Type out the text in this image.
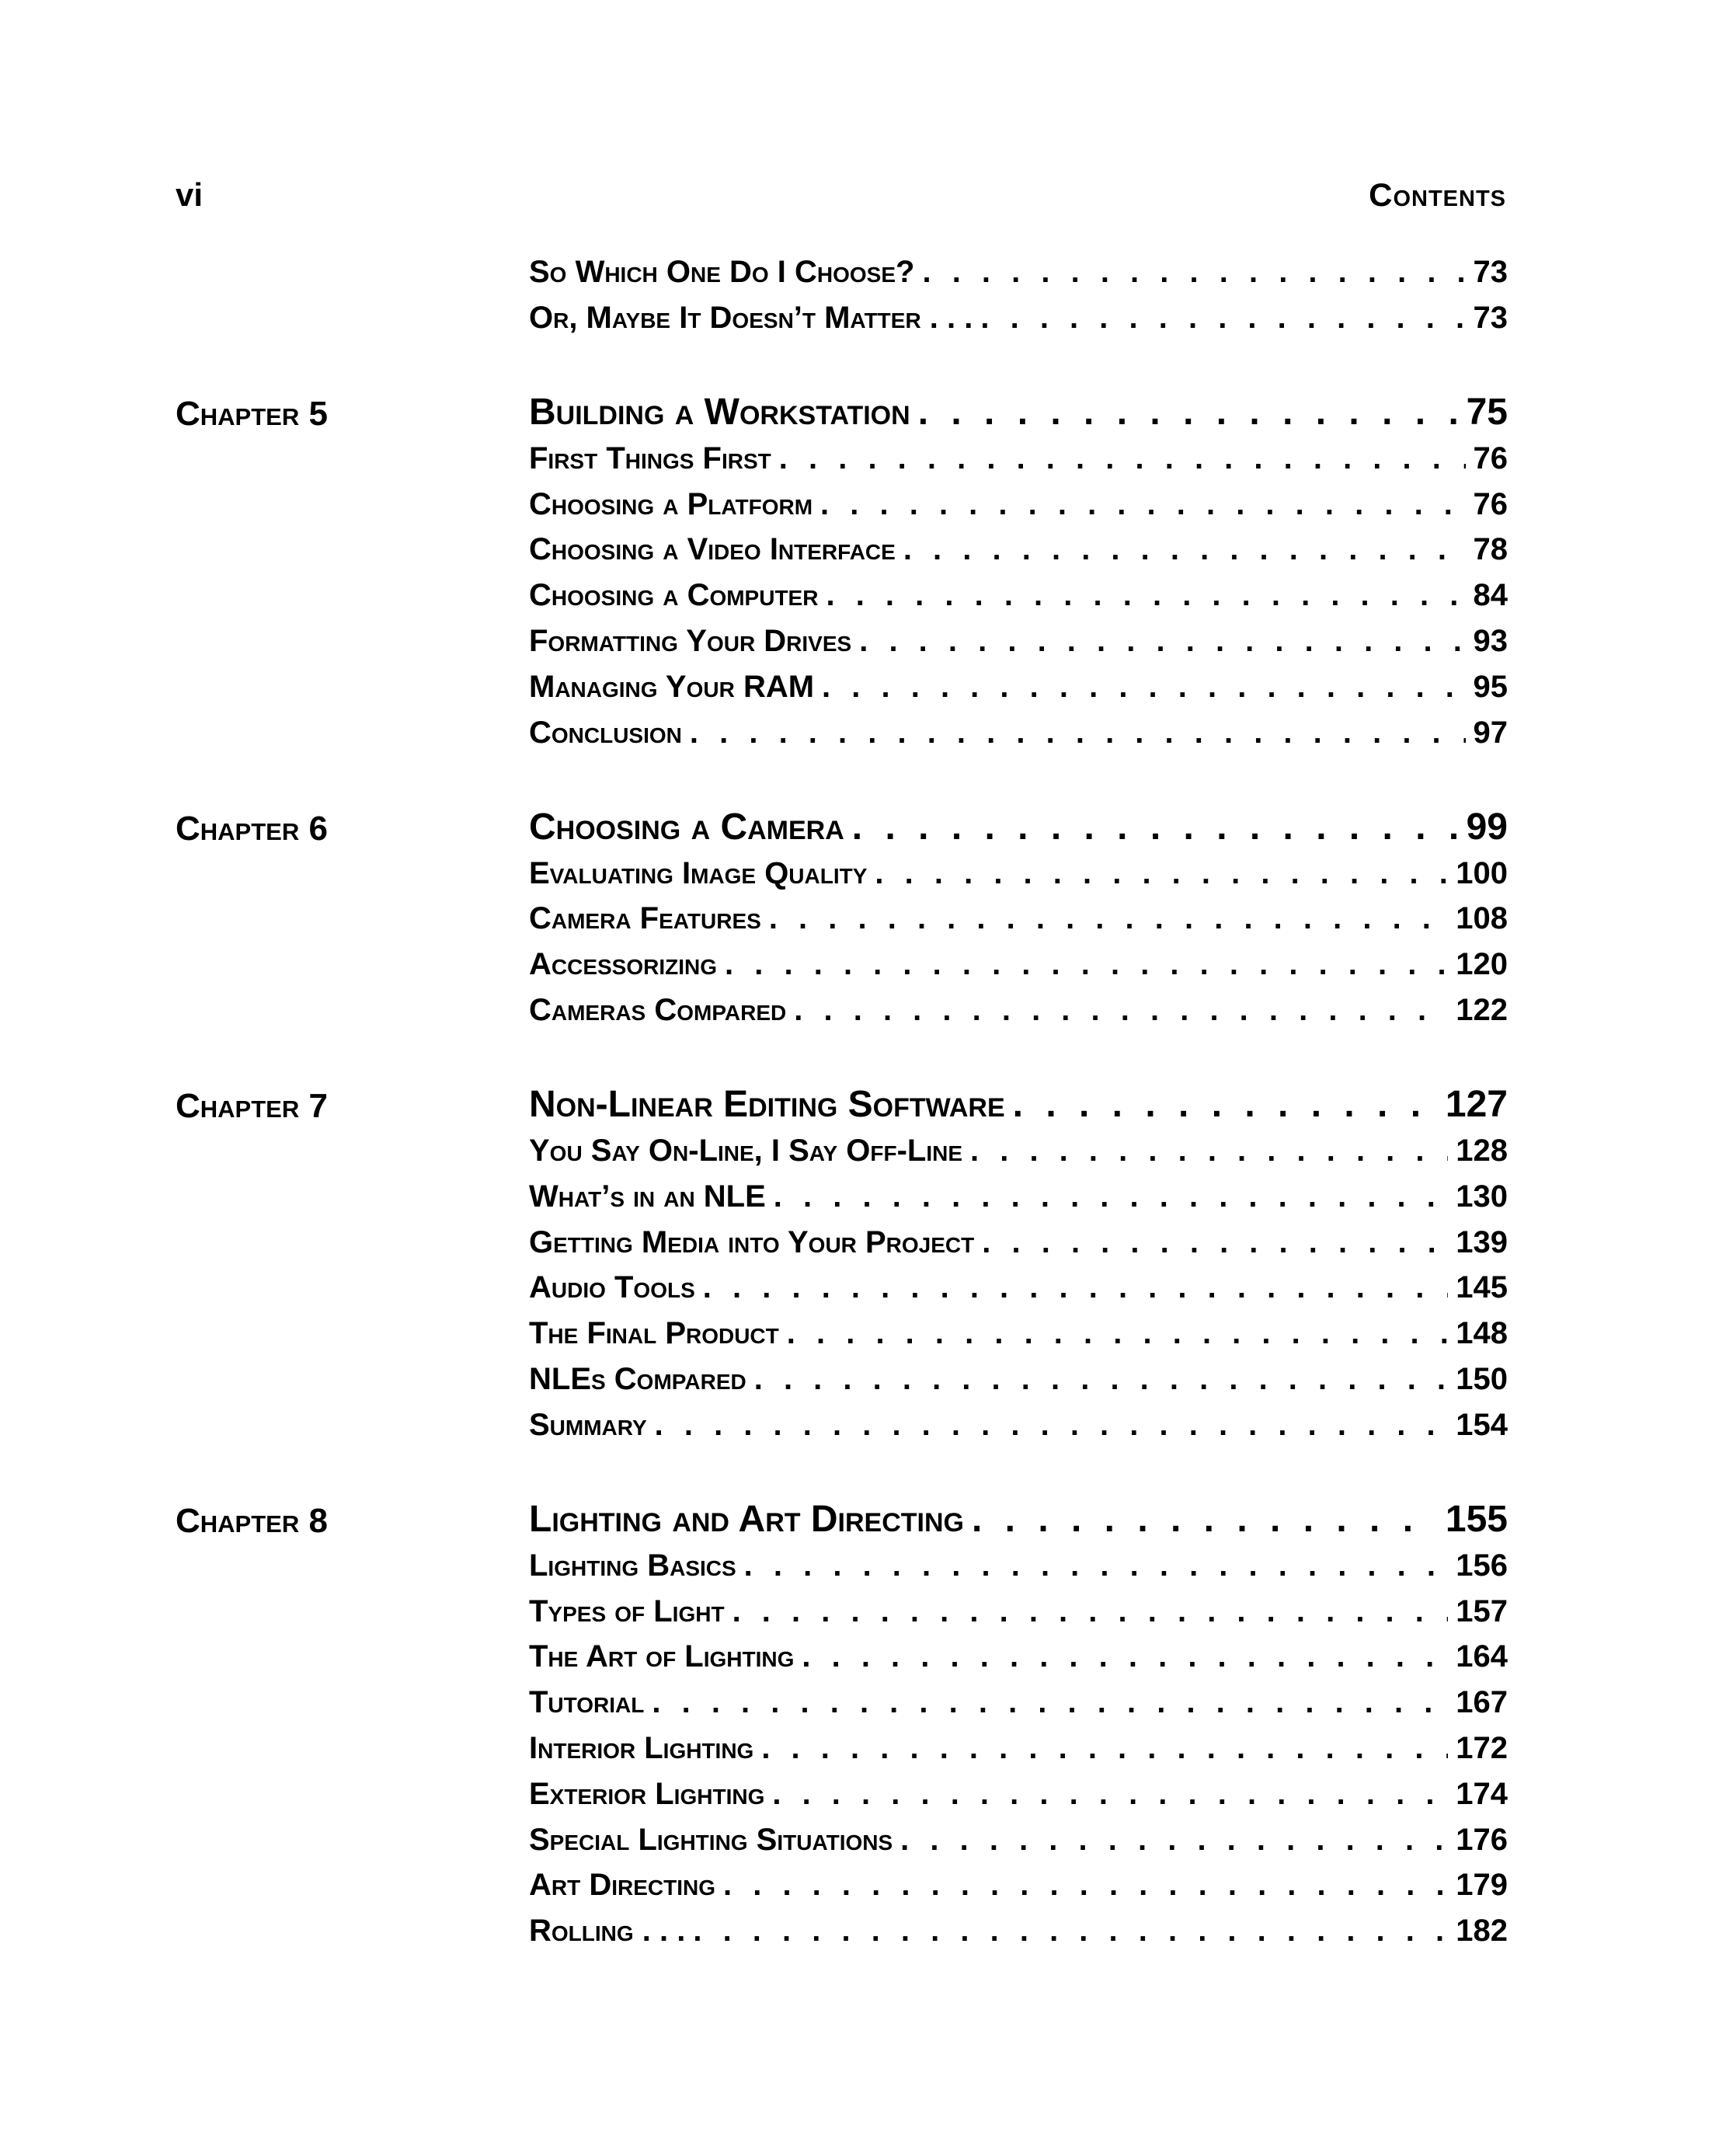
vi	Contents
So Which One Do I Choose? . . .	73
Or, Maybe It Doesn’t Matter . . . . . .	73
Chapter 5	Building a Workstation . . .	75
First Things First . . .	76
Choosing a Platform . . .	76
Choosing a Video Interface . . .	78
Choosing a Computer . . .	84
Formatting Your Drives . . .	93
Managing Your RAM . . .	95
Conclusion . . .	97
Chapter 6	Choosing a Camera . . .	99
Evaluating Image Quality . . .	100
Camera Features . . .	108
Accessorizing . . .	120
Cameras Compared . . .	122
Chapter 7	Non-Linear Editing Software . . .	127
You Say On-Line, I Say Off-Line . . .	128
What’s in an NLE . . .	130
Getting Media into Your Project . . .	139
Audio Tools . . .	145
The Final Product . . .	148
NLEs Compared . . .	150
Summary . . .	154
Chapter 8	Lighting and Art Directing . . .	155
Lighting Basics . . .	156
Types of Light . . .	157
The Art of Lighting . . .	164
Tutorial . . .	167
Interior Lighting . . .	172
Exterior Lighting . . .	174
Special Lighting Situations . . .	176
Art Directing . . .	179
Rolling . . . . . .	182
